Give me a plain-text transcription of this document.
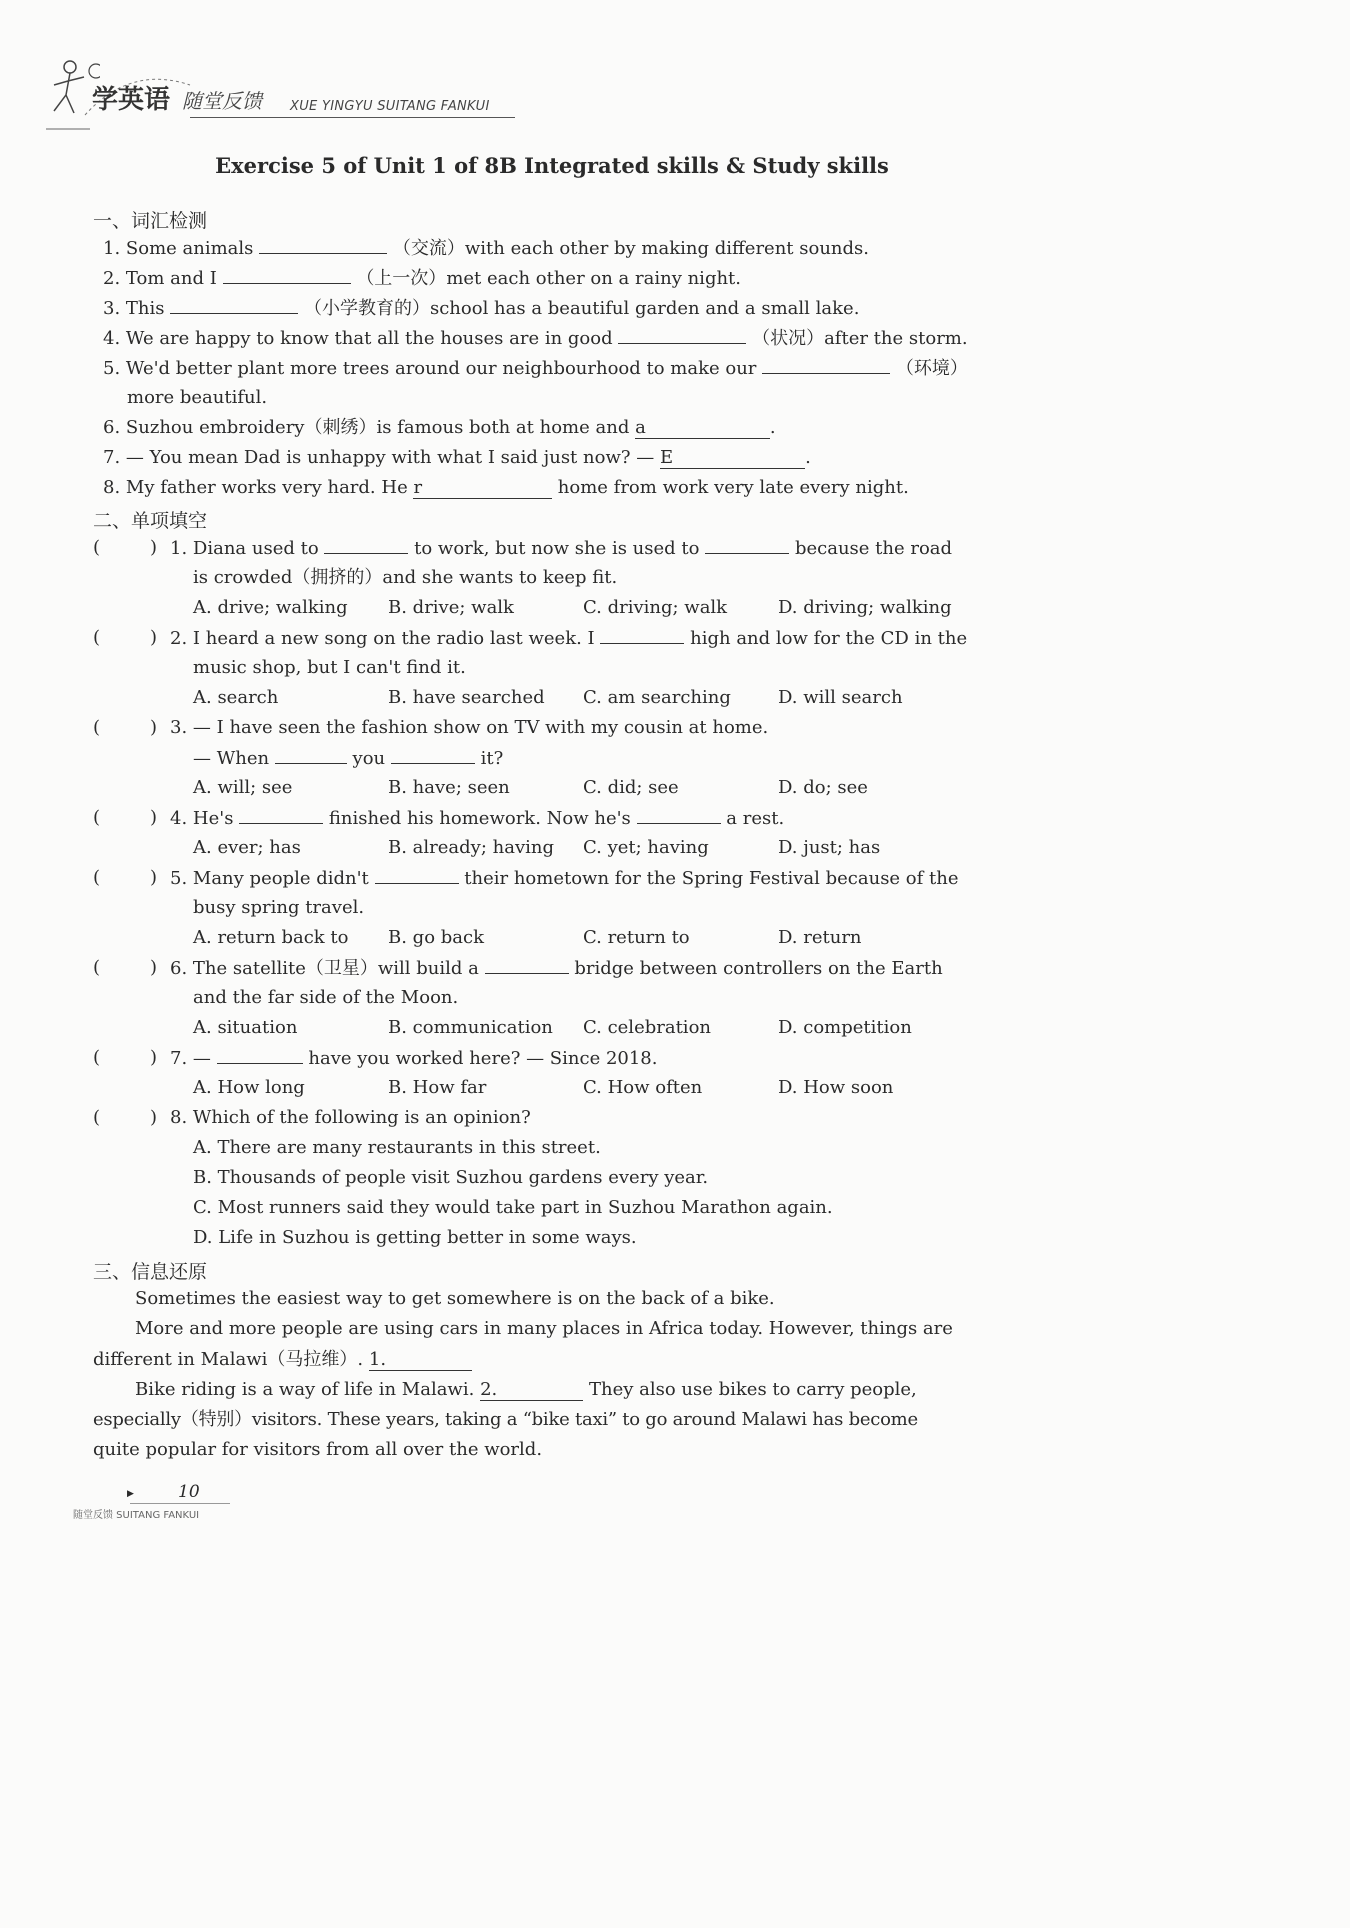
学英语 随堂反馈 XUE YINGYU SUITANG FANKUI
Exercise 5 of Unit 1 of 8B Integrated skills & Study skills
一、词汇检测
1. Some animals	（交流）with each other by making different sounds.
2. Tom and I	（上一次）met each other on a rainy night.
3. This	（小学教育的）school has a beautiful garden and a small lake.
4. We are happy to know that all the houses are in good	（状况）after the storm.
5. We'd better plant more trees around our neighbourhood to make our	（环境）
more beautiful.
6. Suzhou embroidery（刺绣）is famous both at home and a	.
7. — You mean Dad is unhappy with what I said just now? — E	.
8. My father works very hard. He r	home from work very late every night.
二、单项填空
(	) 1. Diana used to	to work, but now she is used to	because the road
is crowded（拥挤的）and she wants to keep fit.
A. drive; walking B. drive; walk	C. driving; walk	D. driving; walking
(	) 2. I heard a new song on the radio last week. I	high and low for the CD in the
music shop, but I can't find it.
A. search	B. have searched C. am searching	D. will search
(	) 3. — I have seen the fashion show on TV with my cousin at home.
— When	you	it?
A. will; see	B. have; seen	C. did; see	D. do; see
(	) 4. He's	finished his homework. Now he's	a rest.
A. ever; has	B. already; having C. yet; having	D. just; has
(	) 5. Many people didn't	their hometown for the Spring Festival because of the
busy spring travel.
A. return back to B. go back	C. return to	D. return
(	) 6. The satellite（卫星）will build a	bridge between controllers on the Earth
and the far side of the Moon.
A. situation	B. communication C. celebration	D. competition
(	) 7. —	have you worked here? — Since 2018.
A. How long	B. How far	C. How often	D. How soon
(	) 8. Which of the following is an opinion?
A. There are many restaurants in this street.
B. Thousands of people visit Suzhou gardens every year.
C. Most runners said they would take part in Suzhou Marathon again.
D. Life in Suzhou is getting better in some ways.
三、信息还原
Sometimes the easiest way to get somewhere is on the back of a bike.
More and more people are using cars in many places in Africa today. However, things are
different in Malawi（马拉维）. 1.
Bike riding is a way of life in Malawi. 2.	They also use bikes to carry people,
especially（特别）visitors. These years, taking a “bike taxi” to go around Malawi has become
quite popular for visitors from all over the world.
▶	10
随堂反馈 SUITANG FANKUI
